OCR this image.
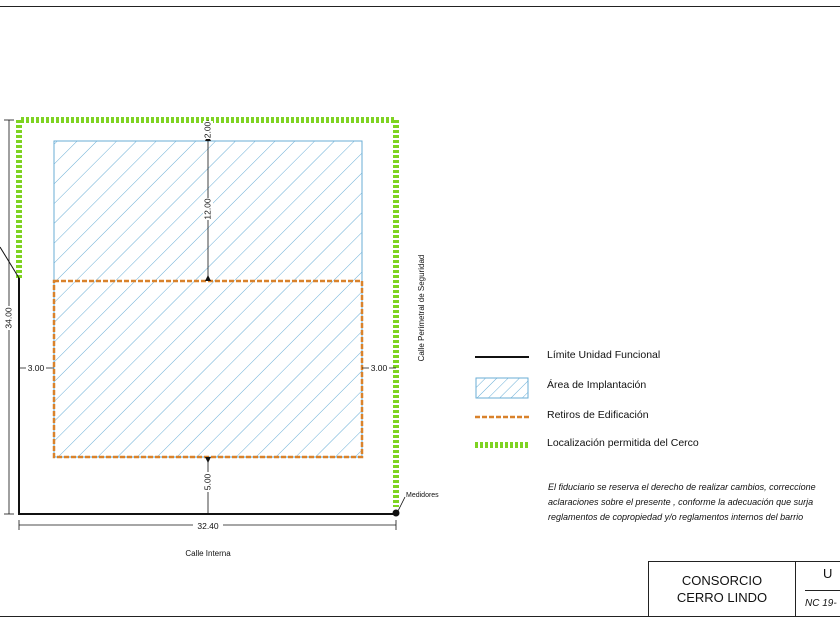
34.00
32.40
3.00	3.00
2.00
12.00
5.00
Medidores
Calle Interna
Calle Perimetral de Seguridad	Límite Unidad Funcional
Área de Implantación
Retiros de Edificación
Localización permitida del Cerco
El fiduciario se reserva el derecho de realizar cambios, correccione
aclaraciones sobre el presente , conforme la adecuación que surja
reglamentos de copropiedad y/o reglamentos internos del barrio
CONSORCIO
CERRO LINDO
U
NC 19-
